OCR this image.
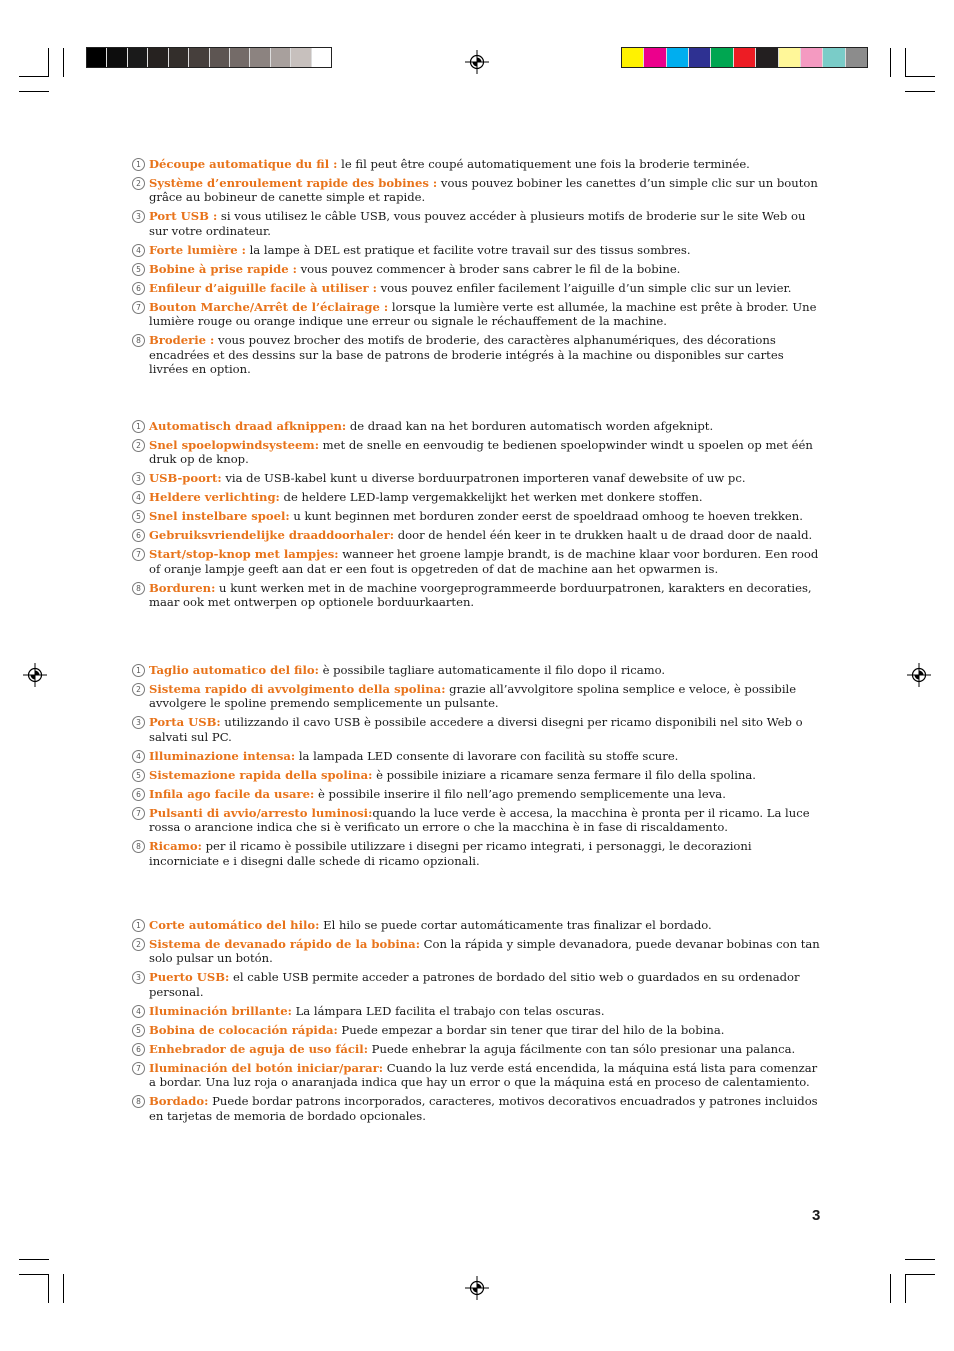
1 Découpe automatique du fil : le fil peut être coupé automatiquement une fois la broderie terminée.
2 Système d’enroulement rapide des bobines : vous pouvez bobiner les canettes d’un simple clic sur un bouton grâce au bobineur de canette simple et rapide.
3 Port USB : si vous utilisez le câble USB, vous pouvez accéder à plusieurs motifs de broderie sur le site Web ou sur votre ordinateur.
4 Forte lumière : la lampe à DEL est pratique et facilite votre travail sur des tissus sombres.
5 Bobine à prise rapide : vous pouvez commencer à broder sans cabrer le fil de la bobine.
6 Enfileur d’aiguille facile à utiliser : vous pouvez enfiler facilement l’aiguille d’un simple clic sur un levier.
7 Bouton Marche/Arrêt de l’éclairage : lorsque la lumière verte est allumée, la machine est prête à broder. Une lumière rouge ou orange indique une erreur ou signale le réchauffement de la machine.
8 Broderie : vous pouvez brocher des motifs de broderie, des caractères alphanumériques, des décorations encadrées et des dessins sur la base de patrons de broderie intégrés à la machine ou disponibles sur cartes livrées en option.
1 Automatisch draad afknippen: de draad kan na het borduren automatisch worden afgeknipt.
2 Snel spoelopwindsysteem: met de snelle en eenvoudig te bedienen spoelopwinder windt u spoelen op met één druk op de knop.
3 USB-poort: via de USB-kabel kunt u diverse borduurpatronen importeren vanaf dewebsite of uw pc.
4 Heldere verlichting: de heldere LED-lamp vergemakkelijkt het werken met donkere stoffen.
5 Snel instelbare spoel: u kunt beginnen met borduren zonder eerst de spoeldraad omhoog te hoeven trekken.
6 Gebruiksvriendelijke draaddoorhaler: door de hendel één keer in te drukken haalt u de draad door de naald.
7 Start/stop-knop met lampjes: wanneer het groene lampje brandt, is de machine klaar voor borduren. Een rood of oranje lampje geeft aan dat er een fout is opgetreden of dat de machine aan het opwarmen is.
8 Borduren: u kunt werken met in de machine voorgeprogrammeerde borduurpatronen, karakters en decoraties, maar ook met ontwerpen op optionele borduurkaarten.
1 Taglio automatico del filo: è possibile tagliare automaticamente il filo dopo il ricamo.
2 Sistema rapido di avvolgimento della spolina: grazie all’avvolgitore spolina semplice e veloce, è possibile avvolgere le spoline premendo semplicemente un pulsante.
3 Porta USB: utilizzando il cavo USB è possibile accedere a diversi disegni per ricamo disponibili nel sito Web o salvati sul PC.
4 Illuminazione intensa: la lampada LED consente di lavorare con facilità su stoffe scure.
5 Sistemazione rapida della spolina: è possibile iniziare a ricamare senza fermare il filo della spolina.
6 Infila ago facile da usare: è possibile inserire il filo nell’ago premendo semplicemente una leva.
7 Pulsanti di avvio/arresto luminosi:quando la luce verde è accesa, la macchina è pronta per il ricamo. La luce rossa o arancione indica che si è verificato un errore o che la macchina è in fase di riscaldamento.
8 Ricamo: per il ricamo è possibile utilizzare i disegni per ricamo integrati, i personaggi, le decorazioni incorniciate e i disegni dalle schede di ricamo opzionali.
1 Corte automático del hilo: El hilo se puede cortar automáticamente tras finalizar el bordado.
2 Sistema de devanado rápido de la bobina: Con la rápida y simple devanadora, puede devanar bobinas con tan solo pulsar un botón.
3 Puerto USB: el cable USB permite acceder a patrones de bordado del sitio web o guardados en su ordenador personal.
4 Iluminación brillante: La lámpara LED facilita el trabajo con telas oscuras.
5 Bobina de colocación rápida: Puede empezar a bordar sin tener que tirar del hilo de la bobina.
6 Enhebrador de aguja de uso fácil: Puede enhebrar la aguja fácilmente con tan sólo presionar una palanca.
7 Iluminación del botón iniciar/parar: Cuando la luz verde está encendida, la máquina está lista para comenzar a bordar. Una luz roja o anaranjada indica que hay un error o que la máquina está en proceso de calentamiento.
8 Bordado: Puede bordar patrons incorporados, caracteres, motivos decorativos encuadrados y patrones incluidos en tarjetas de memoria de bordado opcionales.
3
